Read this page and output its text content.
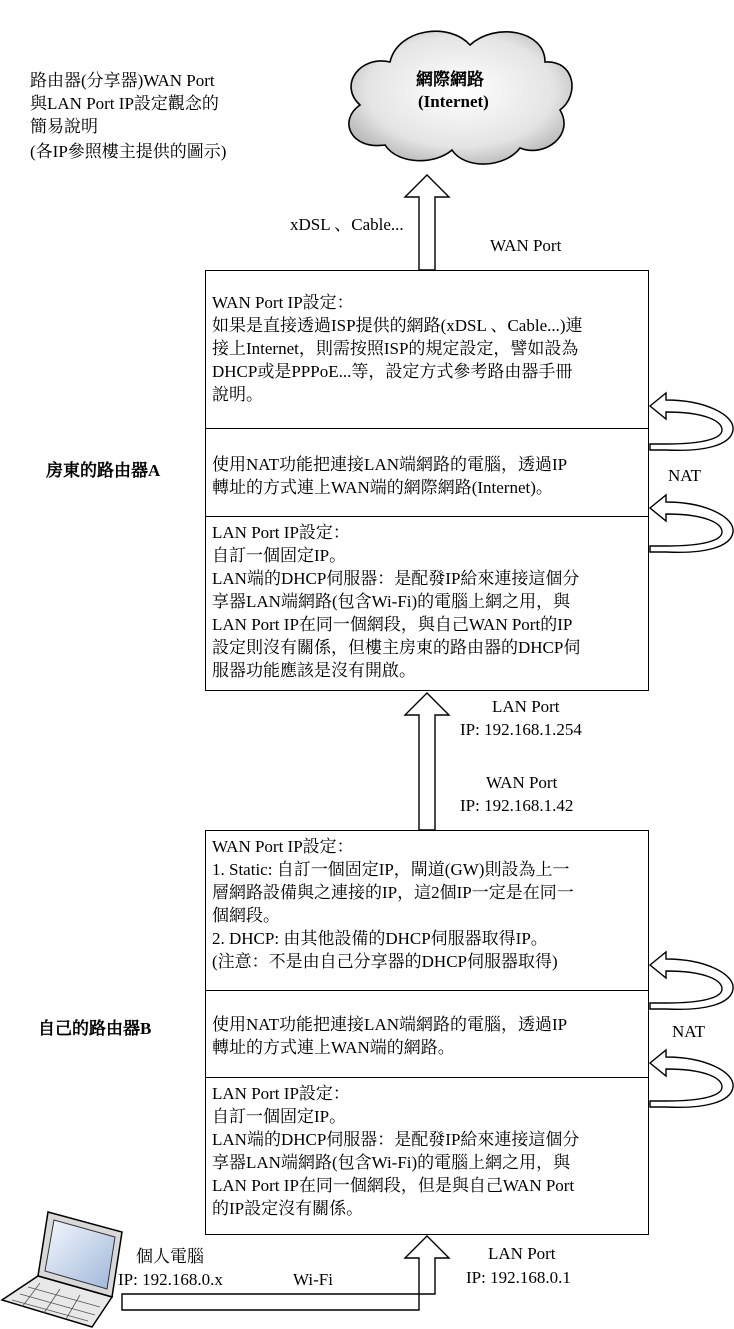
路由器(分享器)WAN Port
與LAN Port IP設定觀念的
簡易說明
(各IP參照樓主提供的圖示)
網際網路
(Internet)
xDSL 、Cable...
WAN Port
房東的路由器A
WAN Port IP設定：
如果是直接透過ISP提供的網路(xDSL 、Cable...)連
接上Internet，則需按照ISP的規定設定，譬如設為
DHCP或是PPPoE...等，設定方式參考路由器手冊
說明。
使用NAT功能把連接LAN端網路的電腦，透過IP
轉址的方式連上WAN端的網際網路(Internet)。
LAN Port IP設定：
自訂一個固定IP。
LAN端的DHCP伺服器：是配發IP給來連接這個分
享器LAN端網路(包含Wi-Fi)的電腦上網之用，與
LAN Port IP在同一個網段，與自己WAN Port的IP
設定則沒有關係，但樓主房東的路由器的DHCP伺
服器功能應該是沒有開啟。
NAT
LAN Port
IP: 192.168.1.254
WAN Port
IP: 192.168.1.42
自己的路由器B
WAN Port IP設定：
1. Static: 自訂一個固定IP，閘道(GW)則設為上一
層網路設備與之連接的IP，這2個IP一定是在同一
個網段。
2. DHCP: 由其他設備的DHCP伺服器取得IP。
(注意：不是由自己分享器的DHCP伺服器取得)
使用NAT功能把連接LAN端網路的電腦，透過IP
轉址的方式連上WAN端的網路。
LAN Port IP設定：
自訂一個固定IP。
LAN端的DHCP伺服器：是配發IP給來連接這個分
享器LAN端網路(包含Wi-Fi)的電腦上網之用，與
LAN Port IP在同一個網段，但是與自己WAN Port
的IP設定沒有關係。
NAT
個人電腦
IP: 192.168.0.x	Wi-Fi
LAN Port
IP: 192.168.0.1
